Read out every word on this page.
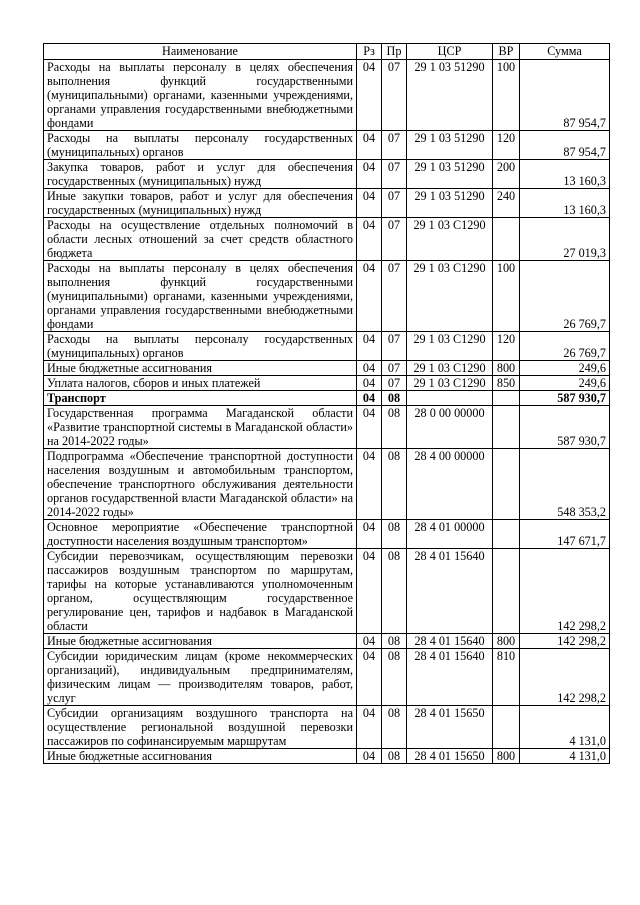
Наименование	Рз	Пр	ЦСР	ВР	Сумма
Расходы на выплаты персоналу в целях обеспечения выполнения функций государственными (муниципальными) органами, казенными учреждениями, органами управления государственными внебюджетными фондами	04	07	29 1 03 51290	100	87 954,7
Расходы на выплаты персоналу государственных (муниципальных) органов	04	07	29 1 03 51290	120	87 954,7
Закупка товаров, работ и услуг для обеспечения государственных (муниципальных) нужд	04	07	29 1 03 51290	200	13 160,3
Иные закупки товаров, работ и услуг для обеспечения государственных (муниципальных) нужд	04	07	29 1 03 51290	240	13 160,3
Расходы на осуществление отдельных полномочий в области лесных отношений за счет средств областного бюджета	04	07	29 1 03 С1290		27 019,3
Расходы на выплаты персоналу в целях обеспечения выполнения функций государственными (муниципальными) органами, казенными учреждениями, органами управления государственными внебюджетными фондами	04	07	29 1 03 С1290	100	26 769,7
Расходы на выплаты персоналу государственных (муниципальных) органов	04	07	29 1 03 С1290	120	26 769,7
Иные бюджетные ассигнования	04	07	29 1 03 С1290	800	249,6
Уплата налогов, сборов и иных платежей	04	07	29 1 03 С1290	850	249,6
Транспорт	04	08			587 930,7
Государственная программа Магаданской области «Развитие транспортной системы в Магаданской области» на 2014-2022 годы»	04	08	28 0 00 00000		587 930,7
Подпрограмма «Обеспечение транспортной доступности населения воздушным и автомобильным транспортом, обеспечение транспортного обслуживания деятельности органов государственной власти Магаданской области» на 2014-2022 годы»	04	08	28 4 00 00000		548 353,2
Основное мероприятие «Обеспечение транспортной доступности населения воздушным транспортом»	04	08	28 4 01 00000		147 671,7
Субсидии перевозчикам, осуществляющим перевозки пассажиров воздушным транспортом по маршрутам, тарифы на которые устанавливаются уполномоченным органом, осуществляющим государственное регулирование цен, тарифов и надбавок в Магаданской области	04	08	28 4 01 15640		142 298,2
Иные бюджетные ассигнования	04	08	28 4 01 15640	800	142 298,2
Субсидии юридическим лицам (кроме некоммерческих организаций), индивидуальным предпринимателям, физическим лицам — производителям товаров, работ, услуг	04	08	28 4 01 15640	810	142 298,2
Субсидии организациям воздушного транспорта на осуществление региональной воздушной перевозки пассажиров по софинансируемым маршрутам	04	08	28 4 01 15650		4 131,0
Иные бюджетные ассигнования	04	08	28 4 01 15650	800	4 131,0
